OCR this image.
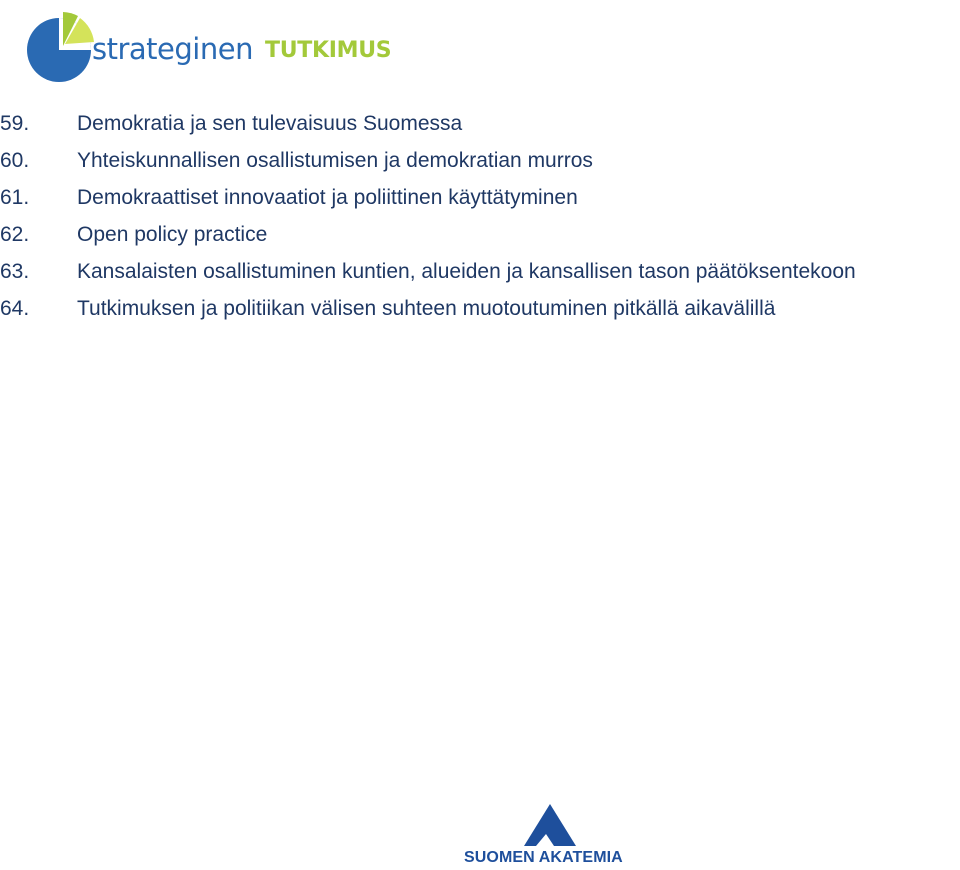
strateginen TUTKIMUS
59.	Demokratia ja sen tulevaisuus Suomessa
60.	Yhteiskunnallisen osallistumisen ja demokratian murros
61.	Demokraattiset innovaatiot ja poliittinen käyttätyminen
62.	Open policy practice
63.	Kansalaisten osallistuminen kuntien, alueiden ja kansallisen tason päätöksentekoon
64.	Tutkimuksen ja politiikan välisen suhteen muotoutuminen pitkällä aikavälillä
SUOMEN AKATEMIA
